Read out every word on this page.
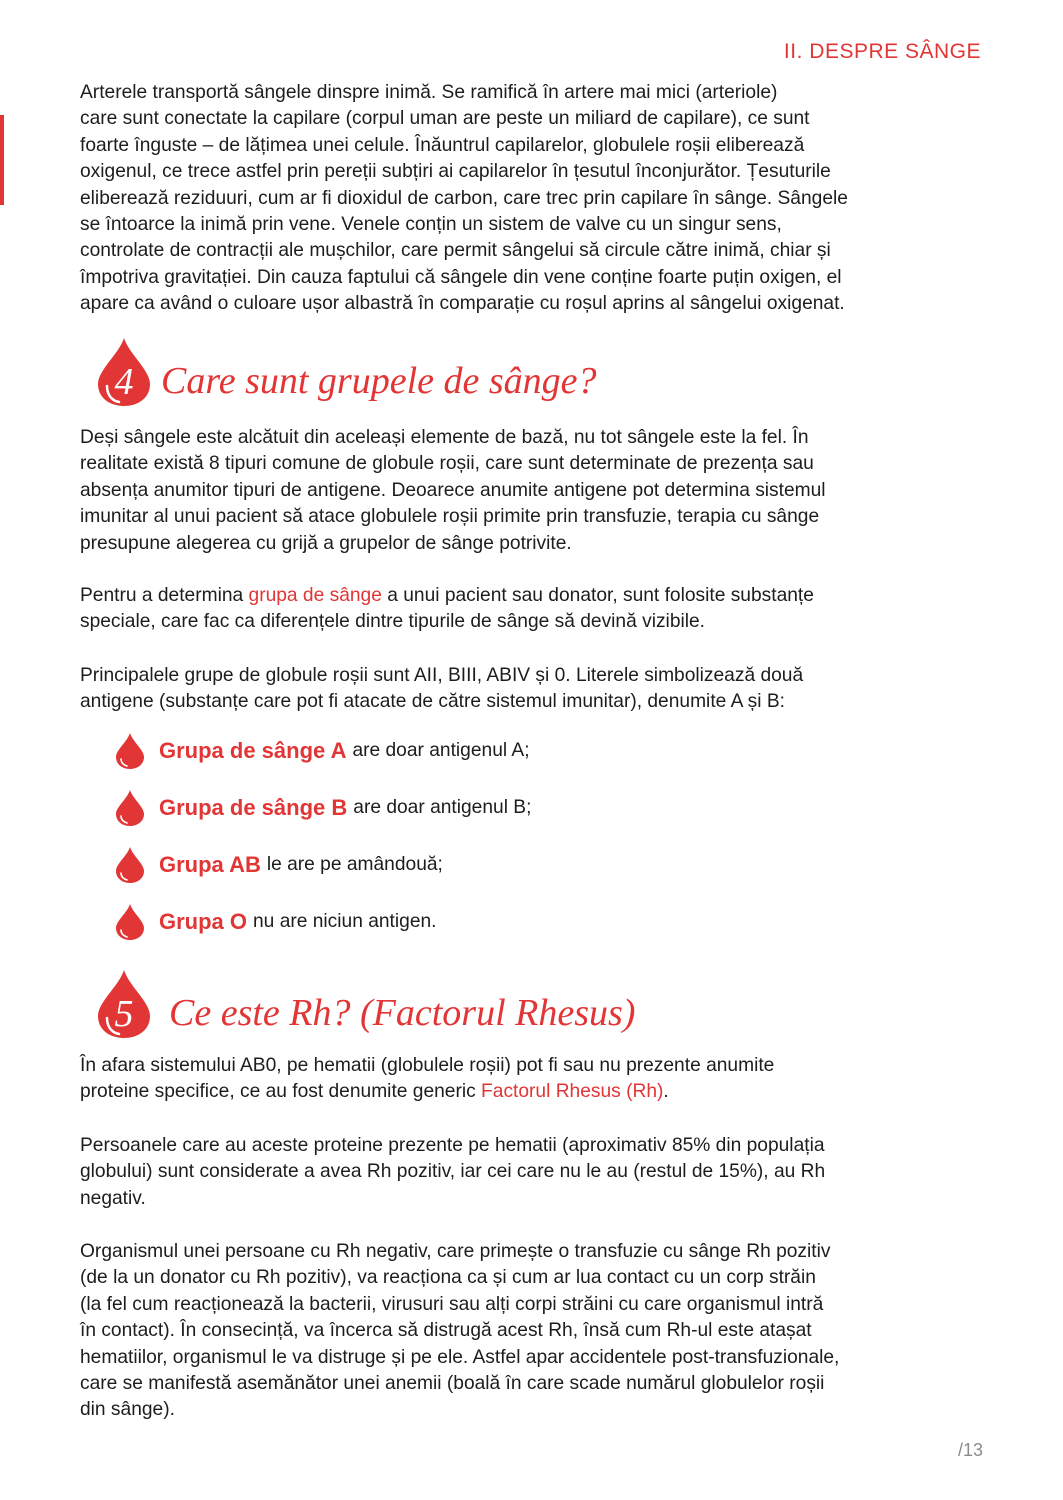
II. DESPRE SÂNGE

Arterele transportă sângele dinspre inimă. Se ramifică în artere mai mici (arteriole)
care sunt conectate la capilare (corpul uman are peste un miliard de capilare), ce sunt
foarte înguste – de lățimea unei celule. Înăuntrul capilarelor, globulele roșii eliberează
oxigenul, ce trece astfel prin pereții subțiri ai capilarelor în țesutul înconjurător. Țesuturile
eliberează reziduuri, cum ar fi dioxidul de carbon, care trec prin capilare în sânge. Sângele
se întoarce la inimă prin vene. Venele conțin un sistem de valve cu un singur sens,
controlate de contracții ale mușchilor, care permit sângelui să circule către inimă, chiar și
împotriva gravitației. Din cauza faptului că sângele din vene conține foarte puțin oxigen, el
apare ca având o culoare ușor albastră în comparație cu roșul aprins al sângelui oxigenat.

4 Care sunt grupele de sânge?

Deși sângele este alcătuit din aceleași elemente de bază, nu tot sângele este la fel. În
realitate există 8 tipuri comune de globule roșii, care sunt determinate de prezența sau
absența anumitor tipuri de antigene. Deoarece anumite antigene pot determina sistemul
imunitar al unui pacient să atace globulele roșii primite prin transfuzie, terapia cu sânge
presupune alegerea cu grijă a grupelor de sânge potrivite.

Pentru a determina grupa de sânge a unui pacient sau donator, sunt folosite substanțe
speciale, care fac ca diferențele dintre tipurile de sânge să devină vizibile.

Principalele grupe de globule roșii sunt AII, BIII, ABIV și 0. Literele simbolizează două
antigene (substanțe care pot fi atacate de către sistemul imunitar), denumite A și B:

Grupa de sânge A are doar antigenul A;
Grupa de sânge B are doar antigenul B;
Grupa AB le are pe amândouă;
Grupa O nu are niciun antigen.
5 Ce este Rh? (Factorul Rhesus)

În afara sistemului AB0, pe hematii (globulele roșii) pot fi sau nu prezente anumite
proteine specifice, ce au fost denumite generic Factorul Rhesus (Rh).

Persoanele care au aceste proteine prezente pe hematii (aproximativ 85% din populația
globului) sunt considerate a avea Rh pozitiv, iar cei care nu le au (restul de 15%), au Rh
negativ.

Organismul unei persoane cu Rh negativ, care primește o transfuzie cu sânge Rh pozitiv
(de la un donator cu Rh pozitiv), va reacționa ca și cum ar lua contact cu un corp străin
(la fel cum reacționează la bacterii, virusuri sau alți corpi străini cu care organismul intră
în contact). În consecință, va încerca să distrugă acest Rh, însă cum Rh-ul este atașat
hematiilor, organismul le va distruge și pe ele. Astfel apar accidentele post-transfuzionale,
care se manifestă asemănător unei anemii (boală în care scade numărul globulelor roșii
din sânge).

/13
